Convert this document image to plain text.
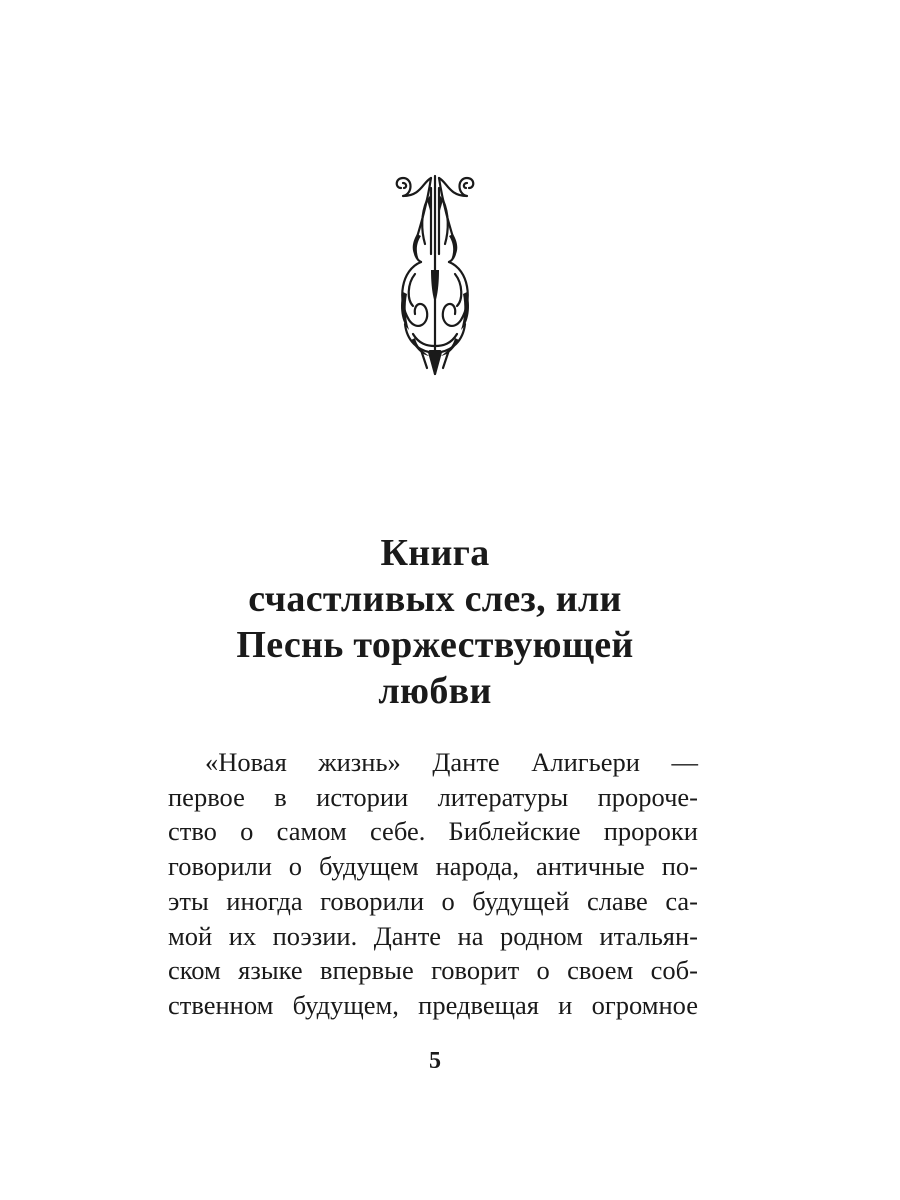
Книга
счастливых слез, или
Песнь торжествующей
любви
«Новая жизнь» Данте Алигьери —
первое в истории литературы пророче-
ство о самом себе. Библейские пророки
говорили о будущем народа, античные по-
эты иногда говорили о будущей славе са-
мой их поэзии. Данте на родном итальян-
ском языке впервые говорит о своем соб-
ственном будущем, предвещая и огромное
5
